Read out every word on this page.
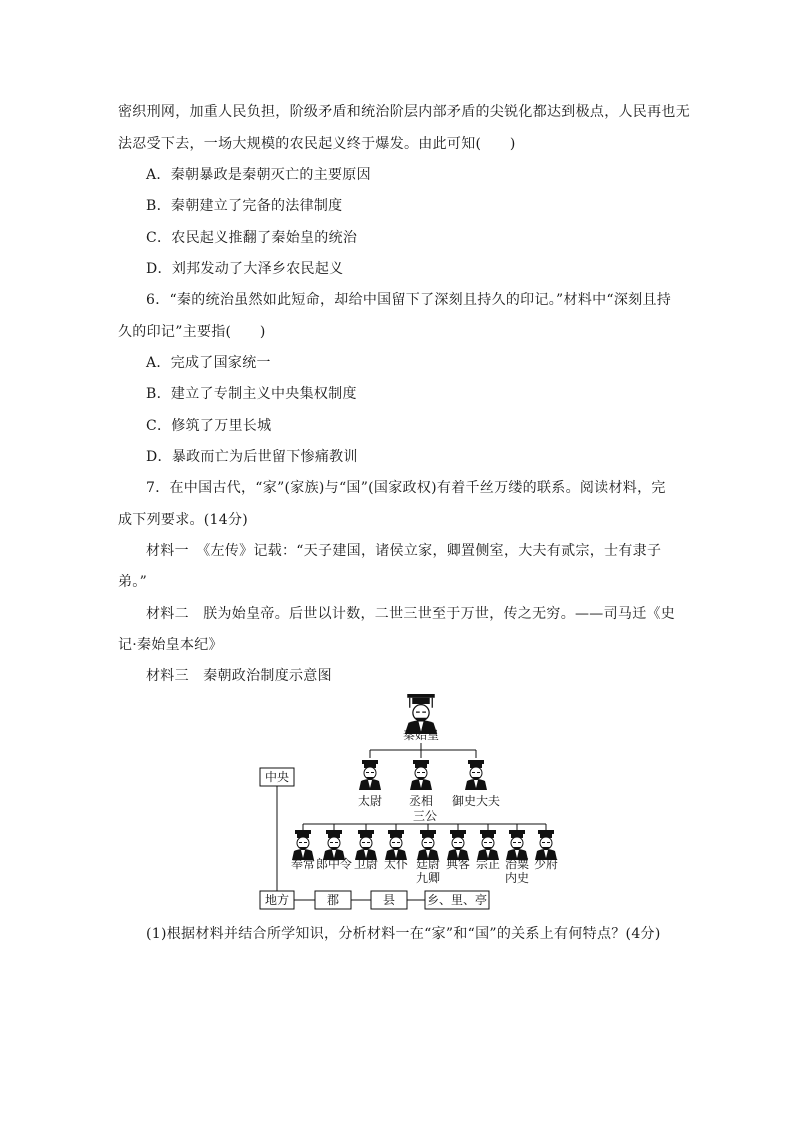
密织刑网，加重人民负担，阶级矛盾和统治阶层内部矛盾的尖锐化都达到极点，人民再也无
法忍受下去，一场大规模的农民起义终于爆发。由此可知(　　)
A．秦朝暴政是秦朝灭亡的主要原因
B．秦朝建立了完备的法律制度
C．农民起义推翻了秦始皇的统治
D．刘邦发动了大泽乡农民起义
6．“秦的统治虽然如此短命，却给中国留下了深刻且持久的印记。”材料中“深刻且持
久的印记”主要指(　　)
A．完成了国家统一
B．建立了专制主义中央集权制度
C．修筑了万里长城
D．暴政而亡为后世留下惨痛教训
7．在中国古代，“家”(家族)与“国”(国家政权)有着千丝万缕的联系。阅读材料，完
成下列要求。(14分)
材料一　《左传》记载：“天子建国，诸侯立家，卿置侧室，大夫有贰宗，士有隶子
弟。”
材料二　朕为始皇帝。后世以计数，二世三世至于万世，传之无穷。——司马迁《史
记·秦始皇本纪》
材料三　秦朝政治制度示意图
秦始皇
太尉 丞相 御史大夫
三公
奉常 郎中令 卫尉 太仆 廷尉 典客 宗正 治粟 少府
九卿	内史
中央
地方	郡	县	乡、里、亭
(1)根据材料并结合所学知识，分析材料一在“家”和“国”的关系上有何特点？(4分)
